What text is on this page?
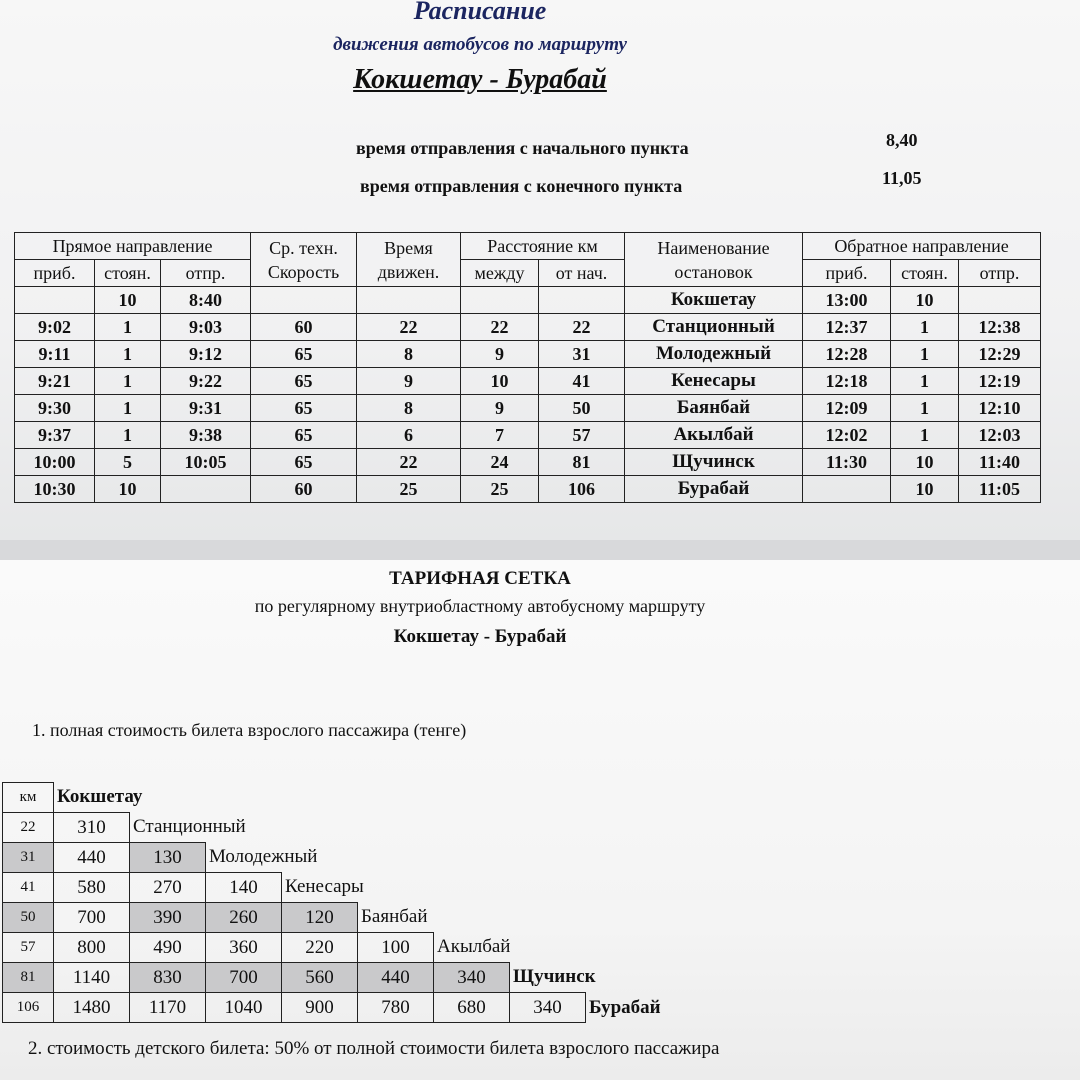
Расписание
движения автобусов по маршруту
Кокшетау - Бурабай
время отправления с начального пункта	8,40
время отправления с конечного пункта	11,05
Прямое направление			Ср. техн. Скорость	Время движен.	Расстояние км		Наименование остановок	Обратное направление		
приб.	стоян.	отпр.			между	от нач.		приб.	стоян.	отпр.
	10	8:40					Кокшетау	13:00	10	
9:02	1	9:03	60	22	22	22	Станционный	12:37	1	12:38
9:11	1	9:12	65	8	9	31	Молодежный	12:28	1	12:29
9:21	1	9:22	65	9	10	41	Кенесары	12:18	1	12:19
9:30	1	9:31	65	8	9	50	Баянбай	12:09	1	12:10
9:37	1	9:38	65	6	7	57	Акылбай	12:02	1	12:03
10:00	5	10:05	65	22	24	81	Щучинск	11:30	10	11:40
10:30	10		60	25	25	106	Бурабай		10	11:05
ТАРИФНАЯ СЕТКА
по регулярному внутриобластному автобусному маршруту
Кокшетау - Бурабай
1. полная стоимость билета взрослого пассажира (тенге)
км	Кокшетау							
22	310	Станционный						
31	440	130	Молодежный					
41	580	270	140	Кенесары				
50	700	390	260	120	Баянбай			
57	800	490	360	220	100	Акылбай		
81	1140	830	700	560	440	340	Щучинск	
106	1480	1170	1040	900	780	680	340	Бурабай
2. стоимость детского билета: 50% от полной стоимости билета взрослого пассажира
